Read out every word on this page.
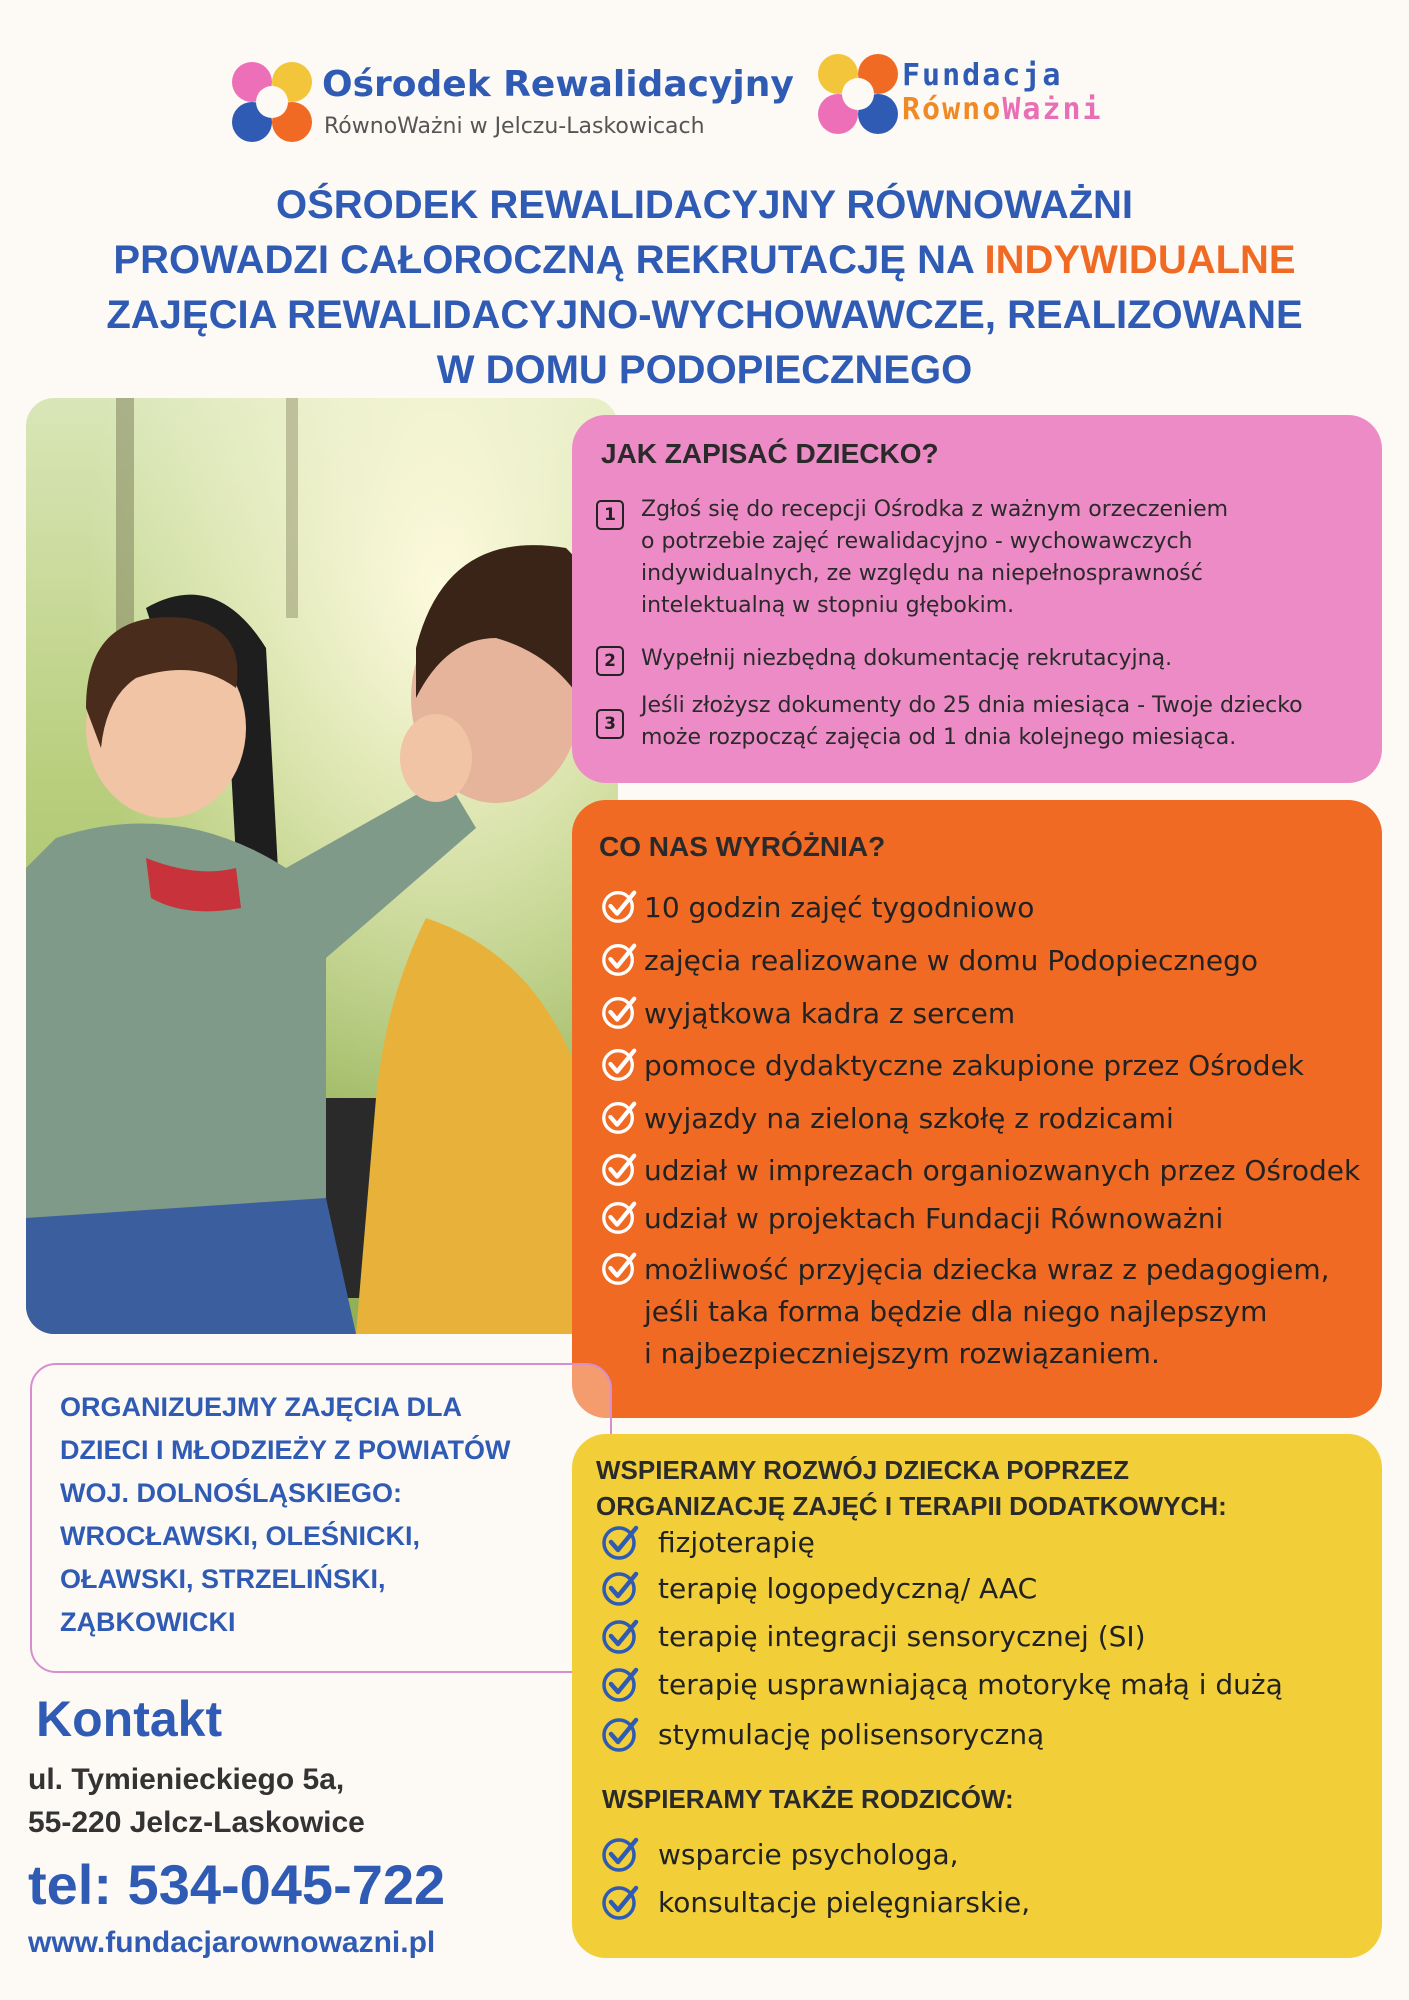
Ośrodek Rewalidacyjny
RównoWażni w Jelczu-Laskowicach
Fundacja
RównoWażni
OŚRODEK REWALIDACYJNY RÓWNOWAŻNI
PROWADZI CAŁOROCZNĄ REKRUTACJĘ NA INDYWIDUALNE
ZAJĘCIA REWALIDACYJNO-WYCHOWAWCZE, REALIZOWANE
W DOMU PODOPIECZNEGO
JAK ZAPISAĆ DZIECKO?
1	Zgłoś się do recepcji Ośrodka z ważnym orzeczeniem
o potrzebie zajęć rewalidacyjno - wychowawczych
indywidualnych, ze względu na niepełnosprawność
intelektualną w stopniu głębokim.
2	Wypełnij niezbędną dokumentację rekrutacyjną.
3
Jeśli złożysz dokumenty do 25 dnia miesiąca - Twoje dziecko
może rozpocząć zajęcia od 1 dnia kolejnego miesiąca.
CO NAS WYRÓŻNIA?
10 godzin zajęć tygodniowo
zajęcia realizowane w domu Podopiecznego
wyjątkowa kadra z sercem
pomoce dydaktyczne zakupione przez Ośrodek
wyjazdy na zieloną szkołę z rodzicami
udział w imprezach organiozwanych przez Ośrodek
udział w projektach Fundacji Równoważni
możliwość przyjęcia dziecka wraz z pedagogiem,
jeśli taka forma będzie dla niego najlepszym
i najbezpieczniejszym rozwiązaniem.
ORGANIZUEJMY ZAJĘCIA DLA
DZIECI I MŁODZIEŻY Z POWIATÓW
WOJ. DOLNOŚLĄSKIEGO:
WROCŁAWSKI, OLEŚNICKI,
OŁAWSKI, STRZELIŃSKI,
ZĄBKOWICKI
WSPIERAMY ROZWÓJ DZIECKA POPRZEZ
ORGANIZACJĘ ZAJĘĆ I TERAPII DODATKOWYCH:
fizjoterapię
terapię logopedyczną/ AAC
terapię integracji sensorycznej (SI)
terapię usprawniającą motorykę małą i dużą
stymulację polisensoryczną
WSPIERAMY TAKŻE RODZICÓW:
wsparcie psychologa,
konsultacje pielęgniarskie,
Kontakt
ul. Tymienieckiego 5a,
55-220 Jelcz-Laskowice
tel: 534-045-722
www.fundacjarownowazni.pl
